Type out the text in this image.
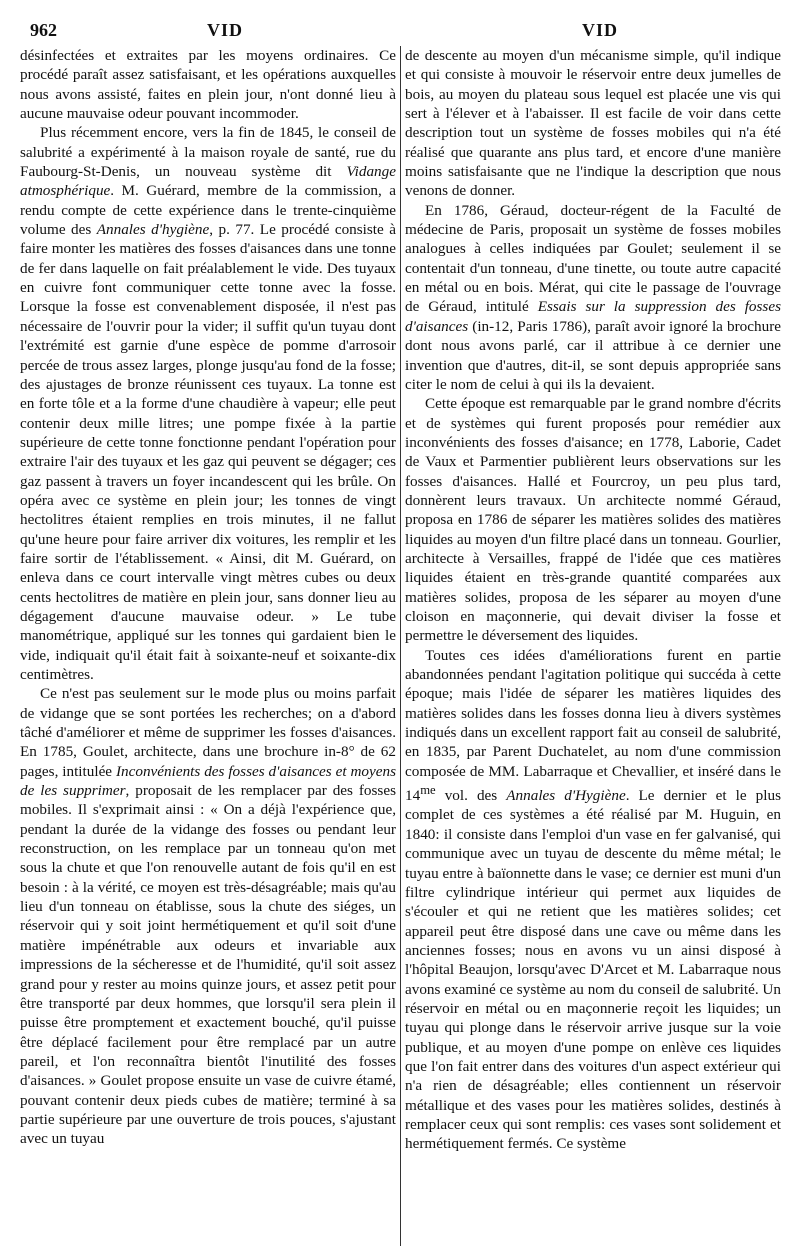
962	VID	VID

désinfectées et extraites par les moyens ordinaires. Ce procédé paraît assez satisfaisant, et les opérations auxquelles nous avons assisté, faites en plein jour, n'ont donné lieu à aucune mauvaise odeur pouvant incommoder.

Plus récemment encore, vers la fin de 1845, le conseil de salubrité a expérimenté à la maison royale de santé, rue du Faubourg-St-Denis, un nouveau système dit Vidange atmosphérique. M. Guérard, membre de la commission, a rendu compte de cette expérience dans le trente-cinquième volume des Annales d'hygiène, p. 77. Le procédé consiste à faire monter les matières des fosses d'aisances dans une tonne de fer dans laquelle on fait préalablement le vide. Des tuyaux en cuivre font communiquer cette tonne avec la fosse. Lorsque la fosse est convenablement disposée, il n'est pas nécessaire de l'ouvrir pour la vider; il suffit qu'un tuyau dont l'extrémité est garnie d'une espèce de pomme d'arrosoir percée de trous assez larges, plonge jusqu'au fond de la fosse; des ajustages de bronze réunissent ces tuyaux. La tonne est en forte tôle et a la forme d'une chaudière à vapeur; elle peut contenir deux mille litres; une pompe fixée à la partie supérieure de cette tonne fonctionne pendant l'opération pour extraire l'air des tuyaux et les gaz qui peuvent se dégager; ces gaz passent à travers un foyer incandescent qui les brûle. On opéra avec ce système en plein jour; les tonnes de vingt hectolitres étaient remplies en trois minutes, il ne fallut qu'une heure pour faire arriver dix voitures, les remplir et les faire sortir de l'établissement. « Ainsi, dit M. Guérard, on enleva dans ce court intervalle vingt mètres cubes ou deux cents hectolitres de matière en plein jour, sans donner lieu au dégagement d'aucune mauvaise odeur. » Le tube manométrique, appliqué sur les tonnes qui gardaient bien le vide, indiquait qu'il était fait à soixante-neuf et soixante-dix centimètres.

Ce n'est pas seulement sur le mode plus ou moins parfait de vidange que se sont portées les recherches; on a d'abord tâché d'améliorer et même de supprimer les fosses d'aisances. En 1785, Goulet, architecte, dans une brochure in-8° de 62 pages, intitulée Inconvénients des fosses d'aisances et moyens de les supprimer, proposait de les remplacer par des fosses mobiles. Il s'exprimait ainsi : « On a déjà l'expérience que, pendant la durée de la vidange des fosses ou pendant leur reconstruction, on les remplace par un tonneau qu'on met sous la chute et que l'on renouvelle autant de fois qu'il en est besoin : à la vérité, ce moyen est très-désagréable; mais qu'au lieu d'un tonneau on établisse, sous la chute des siéges, un réservoir qui y soit joint hermétiquement et qu'il soit d'une matière impénétrable aux odeurs et invariable aux impressions de la sécheresse et de l'humidité, qu'il soit assez grand pour y rester au moins quinze jours, et assez petit pour être transporté par deux hommes, que lorsqu'il sera plein il puisse être promptement et exactement bouché, qu'il puisse être déplacé facilement pour être remplacé par un autre pareil, et l'on reconnaîtra bientôt l'inutilité des fosses d'aisances. » Goulet propose ensuite un vase de cuivre étamé, pouvant contenir deux pieds cubes de matière; terminé à sa partie supérieure par une ouverture de trois pouces, s'ajustant avec un tuyau

de descente au moyen d'un mécanisme simple, qu'il indique et qui consiste à mouvoir le réservoir entre deux jumelles de bois, au moyen du plateau sous lequel est placée une vis qui sert à l'élever et à l'abaisser. Il est facile de voir dans cette description tout un système de fosses mobiles qui n'a été réalisé que quarante ans plus tard, et encore d'une manière moins satisfaisante que ne l'indique la description que nous venons de donner.

En 1786, Géraud, docteur-régent de la Faculté de médecine de Paris, proposait un système de fosses mobiles analogues à celles indiquées par Goulet; seulement il se contentait d'un tonneau, d'une tinette, ou toute autre capacité en métal ou en bois. Mérat, qui cite le passage de l'ouvrage de Géraud, intitulé Essais sur la suppression des fosses d'aisances (in-12, Paris 1786), paraît avoir ignoré la brochure dont nous avons parlé, car il attribue à ce dernier une invention que d'autres, dit-il, se sont depuis appropriée sans citer le nom de celui à qui ils la devaient.

Cette époque est remarquable par le grand nombre d'écrits et de systèmes qui furent proposés pour remédier aux inconvénients des fosses d'aisance; en 1778, Laborie, Cadet de Vaux et Parmentier publièrent leurs observations sur les fosses d'aisances. Hallé et Fourcroy, un peu plus tard, donnèrent leurs travaux. Un architecte nommé Géraud, proposa en 1786 de séparer les matières solides des matières liquides au moyen d'un filtre placé dans un tonneau. Gourlier, architecte à Versailles, frappé de l'idée que ces matières liquides étaient en très-grande quantité comparées aux matières solides, proposa de les séparer au moyen d'une cloison en maçonnerie, qui devait diviser la fosse et permettre le déversement des liquides.

Toutes ces idées d'améliorations furent en partie abandonnées pendant l'agitation politique qui succéda à cette époque; mais l'idée de séparer les matières liquides des matières solides dans les fosses donna lieu à divers systèmes indiqués dans un excellent rapport fait au conseil de salubrité, en 1835, par Parent Duchatelet, au nom d'une commission composée de MM. Labarraque et Chevallier, et inséré dans le $14^{me}$ vol. des Annales d'Hygiène. Le dernier et le plus complet de ces systèmes a été réalisé par M. Huguin, en 1840: il consiste dans l'emploi d'un vase en fer galvanisé, qui communique avec un tuyau de descente du même métal; le tuyau entre à baïonnette dans le vase; ce dernier est muni d'un filtre cylindrique intérieur qui permet aux liquides de s'écouler et qui ne retient que les matières solides; cet appareil peut être disposé dans une cave ou même dans les anciennes fosses; nous en avons vu un ainsi disposé à l'hôpital Beaujon, lorsqu'avec D'Arcet et M. Labarraque nous avons examiné ce système au nom du conseil de salubrité. Un réservoir en métal ou en maçonnerie reçoit les liquides; un tuyau qui plonge dans le réservoir arrive jusque sur la voie publique, et au moyen d'une pompe on enlève ces liquides que l'on fait entrer dans des voitures d'un aspect extérieur qui n'a rien de désagréable; elles contiennent un réservoir métallique et des vases pour les matières solides, destinés à remplacer ceux qui sont remplis: ces vases sont solidement et hermétiquement fermés. Ce système
